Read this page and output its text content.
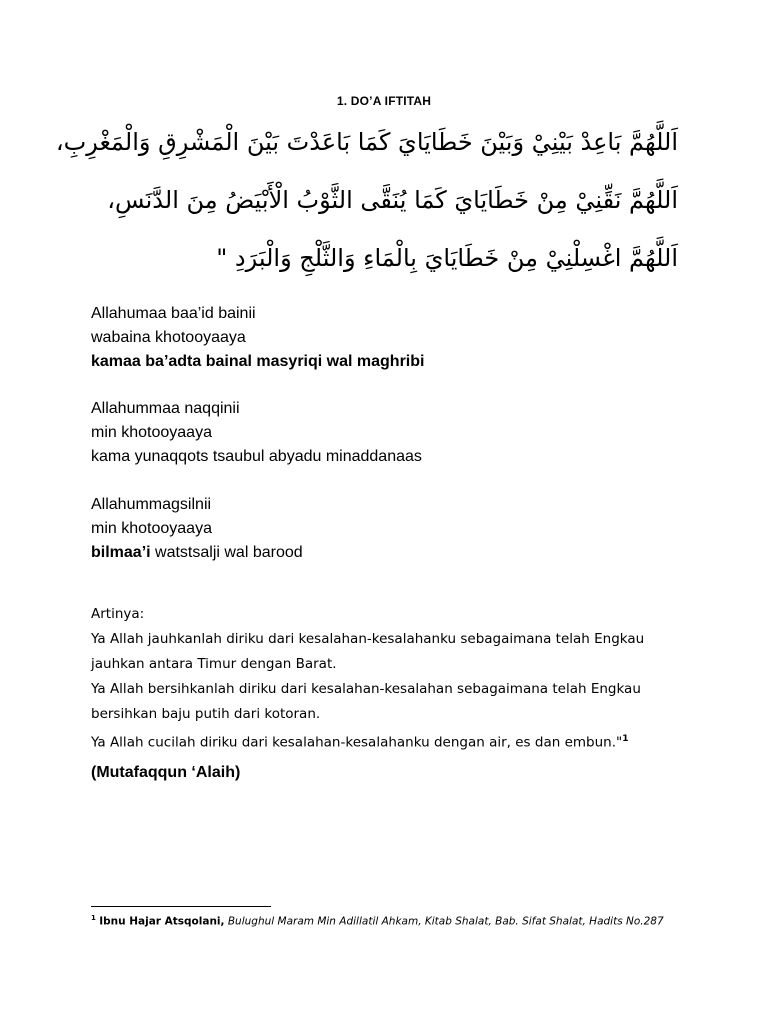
1. DO’A IFTITAH
اَللَّهُمَّ بَاعِدْ بَيْنِيْ وَبَيْنَ خَطَايَايَ كَمَا بَاعَدْتَ بَيْنَ الْمَشْرِقِ وَالْمَغْرِبِ،
اَللَّهُمَّ نَقِّنِيْ مِنْ خَطَايَايَ كَمَا يُنَقَّى الثَّوْبُ الْأَبْيَضُ مِنَ الدَّنَسِ،
اَللَّهُمَّ اغْسِلْنِيْ مِنْ خَطَايَايَ بِالْمَاءِ وَالثَّلْجِ وَالْبَرَدِ "
Allahumaa baa’id bainii
wabaina khotooyaaya
kamaa ba’adta bainal masyriqi wal maghribi
Allahummaa naqqinii
min khotooyaaya
kama yunaqqots tsaubul abyadu minaddanaas
Allahummagsilnii
min khotooyaaya
bilmaa’i watstsalji wal barood
Artinya:
Ya Allah jauhkanlah diriku dari kesalahan-kesalahanku sebagaimana telah Engkau
jauhkan antara Timur dengan Barat.
Ya Allah bersihkanlah diriku dari kesalahan-kesalahan sebagaimana telah Engkau
bersihkan baju putih dari kotoran.
Ya Allah cucilah diriku dari kesalahan-kesalahanku dengan air, es dan embun."$^1$
(Mutafaqqun ‘Alaih)
$^1$ Ibnu Hajar Atsqolani, Bulughul Maram Min Adillatil Ahkam, Kitab Shalat, Bab. Sifat Shalat, Hadits No.287
